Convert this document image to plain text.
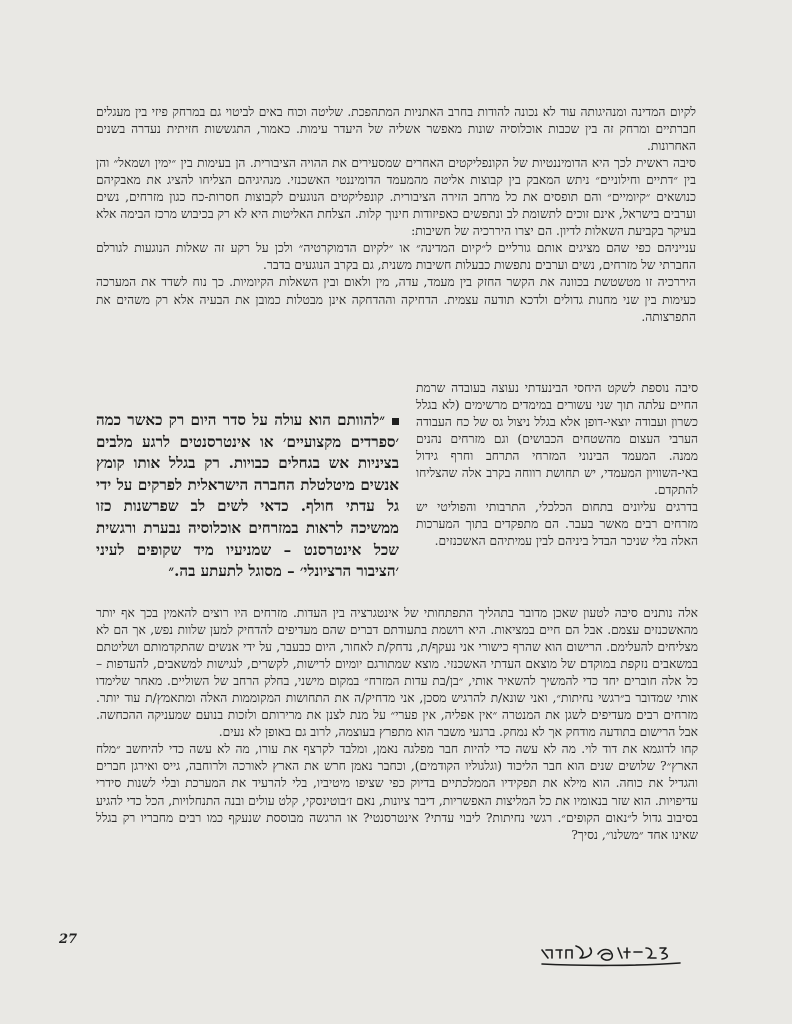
לקיום המדינה ומנהיגותה עוד לא נכונה להודות בחרב האתניות המתהפכת. שליטה וכוח באים לביטוי גם במרחק פיזי בין מעגלים חברתיים ומרחק זה בין שכבות אוכלוסיה שונות מאפשר אשליה של היעדר עימות. כאמור, התגששות חזיתית נעדרה בשנים האחרונות.

סיבה ראשית לכך היא הדומיננטיות של הקונפליקטים האחרים שמסעירים את ההויה הציבורית. הן בעימות בין ״ימין ושמאל״ והן בין ״דתיים וחילוניים״ ניתש המאבק בין קבוצות אליטה מהמעמד הדומיננטי האשכנזי. מנהיגיהם הצליחו להציג את מאבקיהם כנושאים ״קיומיים״ והם תופסים את כל מרחב הזירה הציבורית. קונפליקטים הנוגעים לקבוצות חסרות-כח כגון מזרחים, נשים וערבים בישראל, אינם זוכים לתשומת לב ונתפשים כאפיזודות חינוך קלות. הצלחת האליטות היא לא רק בכיבוש מרכז הבימה אלא בעיקר בקביעת השאלות לדיון. הם יצרו היררכיה של חשיבות:

ענייניהם כפי שהם מציגים אותם גורליים ל״קיום המדינה״ או ״לקיום הדמוקרטיה״ ולכן על רקע זה שאלות הנוגעות לגורלם החברתי של מזרחים, נשים וערבים נתפשות כבעלות חשיבות משנית, גם בקרב הנוגעים בדבר.

היררכיה זו מטשטשת בכוונה את הקשר החזק בין מעמד, עדה, מין ולאום ובין השאלות הקיומיות. כך נוח לשדד את המערכה כעימות בין שני מחנות גדולים ולדכא תודעה עצמית. הדחיקה וההדחקה אינן מבטלות כמובן את הבעיה אלא רק משהים את התפרצותה.

סיבה נוספת לשקט היחסי הבינעדתי נעוצה בעובדה שרמת החיים עלתה תוך שני עשורים במימדים מרשימים (לא בגלל כשרון ועבודה יוצאי-דופן אלא בגלל ניצול גס של כח העבודה הערבי העצום מהשטחים הכבושים) וגם מזרחים נהנים ממנה. המעמד הבינוני המזרחי התרחב וחרף גידול באי-השוויון המעמדי, יש תחושת רווחה בקרב אלה שהצליחו להתקדם.

בדרגים עליונים בתחום הכלכלי, התרבותי והפוליטי יש מזרחים רבים מאשר בעבר. הם מתפקדים בתוך המערכות האלה בלי שניכר הבדל ביניהם לבין עמיתיהם האשכנזים.

״להוותם הוא עולה על סדר היום רק כאשר כמה ׳ספרדים מקצועיים׳ או אינטרסנטים לרגע מלבים בציניות אש בגחלים כבויות. רק בגלל אותו קומץ אנשים מיטלטלת החברה הישראלית לפרקים על ידי גל עדתי חולף. כדאי לשים לב שפרשנות כזו ממשיכה לראות במזרחים אוכלוסיה נבערת ורגשית שכל אינטרסנט – שמניעיו מיד שקופים לעיני ׳הציבור הרציונלי׳ – מסוגל לתעתע בה.״

אלה נותנים סיבה לטעון שאכן מדובר בתהליך התפתחותי של אינטגרציה בין העדות. מזרחים היו רוצים להאמין בכך אף יותר מהאשכנזים עצמם. אבל הם חיים במציאות. היא רושמת בתעודתם דברים שהם מעדיפים להדחיק למען שלוות נפש, אך הם לא מצליחים להעלימם. הרישום הוא שהרף כישורי אני נעקף/ת, נדחק/ת לאחור, היום כבעבר, על ידי אנשים שהתקדמותם ושליטתם במשאבים נזקפת במוקדם של מוצאם העדתי האשכנזי. מוצא שמתורגם יומיום לרישות, לקשרים, לנגישות למשאבים, להעדפות – כל אלה חוברים יחד כדי להמשיך להשאיר אותי, ״בן/בת עדות המזרח״ במקום מישני, בחלק הרחב של השוליים. מאחר שלימדו אותי שמדובר ב״רגשי נחיתות״, ואני שונא/ת להרגיש מסכן, אני מדחיק/ה את התחושות המקוממות האלה ומתאמץ/ת עוד יותר. מזרחים רבים מעדיפים לשגן את המנטרה ״אין אפליה, אין פערי״ על מנת לצנן את מרירותם ולזכות בנועם שמעניקה ההכחשה. אבל הרישום בתודעה מודחק אך לא נמחק. ברגעי משבר הוא מתפרץ בעוצמה, לרוב גם באופן לא נעים.

קחו לדוגמא את דוד לוי. מה לא עשה כדי להיות חבר מפלגה נאמן, ומלבד לקרצף את עורו, מה לא עשה כדי להיחשב ״מלח הארץ״? שלושים שנים הוא חבר הליכוד (וגלגוליו הקודמים), וכחבר נאמן חרש את הארץ לאורכה ולרוחבה, גייס ואירגן חברים והגדיל את כוחה. הוא מילא את תפקידיו הממלכתיים בדיוק כפי שציפו מיטיביו, בלי להרעיד את המערכת ובלי לשנות סידרי עדיפויות. הוא שזר בנאומיו את כל המליצות האפשריות, דיבר ציונות, נאם ז׳בוטינסקי, קלט עולים ובנה התנחלויות, הכל כדי להגיע בסיבוב גדול ל״נאום הקופים״. רגשי נחיתות? ליבוי עדתי? אינטרסנטי? או הרגשה מבוססת שנעקף כמו רבים מחבריו רק בגלל שאינו אחד ״משלנו״, נסיך?

27
